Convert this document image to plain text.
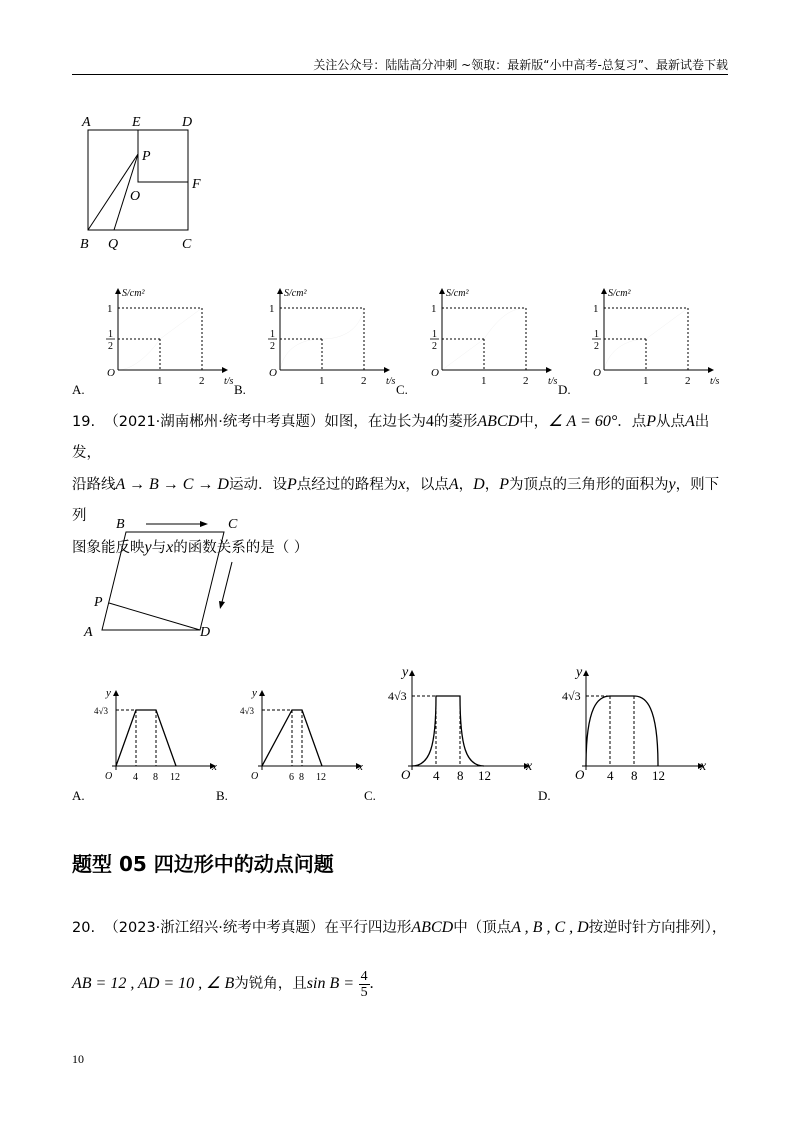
关注公众号：陆陆高分冲刺 ~领取：最新版“小中高考-总复习”、最新试卷下载
A	E	D
P
O
F
B Q	C
S/cm²
t/s
O
1	2
1
1
2
A.
S/cm²
t/s
O
1	2
1
1
2
B.
S/cm²
t/s
O
1	2
1
1
2
C.
S/cm²
t/s
O
1	2
1
1
2
D.
19. （2021·湖南郴州·统考中考真题）如图，在边长为4的菱形ABCD中，∠ A = 60°．点P从点A出发，
沿路线A → B → C → D运动．设P点经过的路程为x，以点A，D，P为顶点的三角形的面积为y，则下列
图象能反映y与x的函数关系的是（ ）
B	C
P
A	D
y
x
O
4√3
4 8 12
A.
y
x
O
4√3
6 8 12
B.
y
x
O
4√3
4 8 12
C.
y
x
O
4√3
4 8 12
D.
题型 05 四边形中的动点问题
20. （2023·浙江绍兴·统考中考真题）在平行四边形ABCD中（顶点A , B , C , D按逆时针方向排列），
AB = 12 , AD = 10 , ∠ B为锐角，且$\sin B = \frac{4}{5}$ .
10
